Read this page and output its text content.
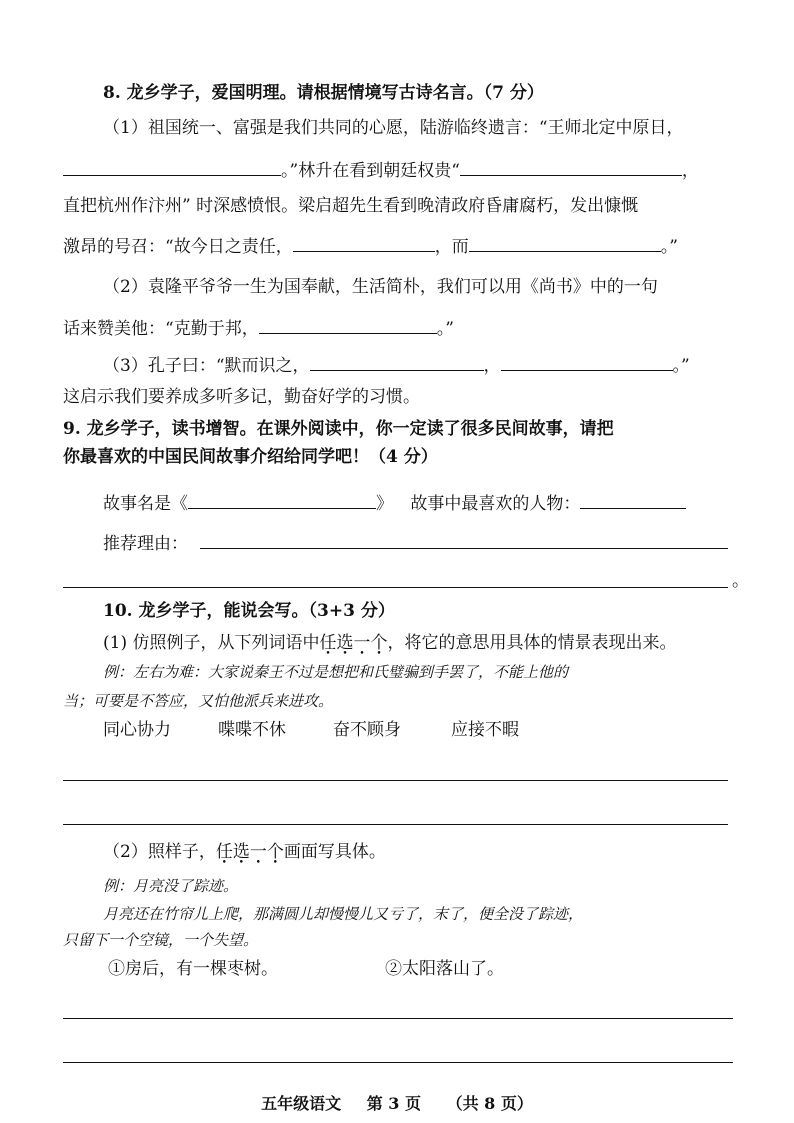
8. 龙乡学子，爱国明理。请根据情境写古诗名言。（7 分）
（1）祖国统一、富强是我们共同的心愿，陆游临终遗言：“王师北定中原日，
。”林升在看到朝廷权贵“	，
直把杭州作汴州” 时深感愤恨。梁启超先生看到晚清政府昏庸腐朽，发出慷慨
激昂的号召：“故今日之责任，	，而	。”
（2）袁隆平爷爷一生为国奉献，生活简朴，我们可以用《尚书》中的一句
话来赞美他：“克勤于邦，	。”
（3）孔子曰：“默而识之，	，	。”
这启示我们要养成多听多记，勤奋好学的习惯。
9. 龙乡学子，读书增智。在课外阅读中，你一定读了很多民间故事，请把
你最喜欢的中国民间故事介绍给同学吧！（4 分）
故事名是《	》 故事中最喜欢的人物：
推荐理由：
。
10. 龙乡学子，能说会写。（3+3 分）
(1) 仿照例子，从下列词语中任选一个，将它的意思用具体的情景表现出来。
例：左右为难：大家说秦王不过是想把和氏璧骗到手罢了，不能上他的
当；可要是不答应，又怕他派兵来进攻。
同心协力	喋喋不休	奋不顾身	应接不暇
（2）照样子，任选一个画面写具体。
例：月亮没了踪迹。
月亮还在竹帘儿上爬，那满圆儿却慢慢儿又亏了，末了，便全没了踪迹，
只留下一个空镜，一个失望。
①房后，有一棵枣树。	②太阳落山了。
五年级语文 第 3 页 （共 8 页）
